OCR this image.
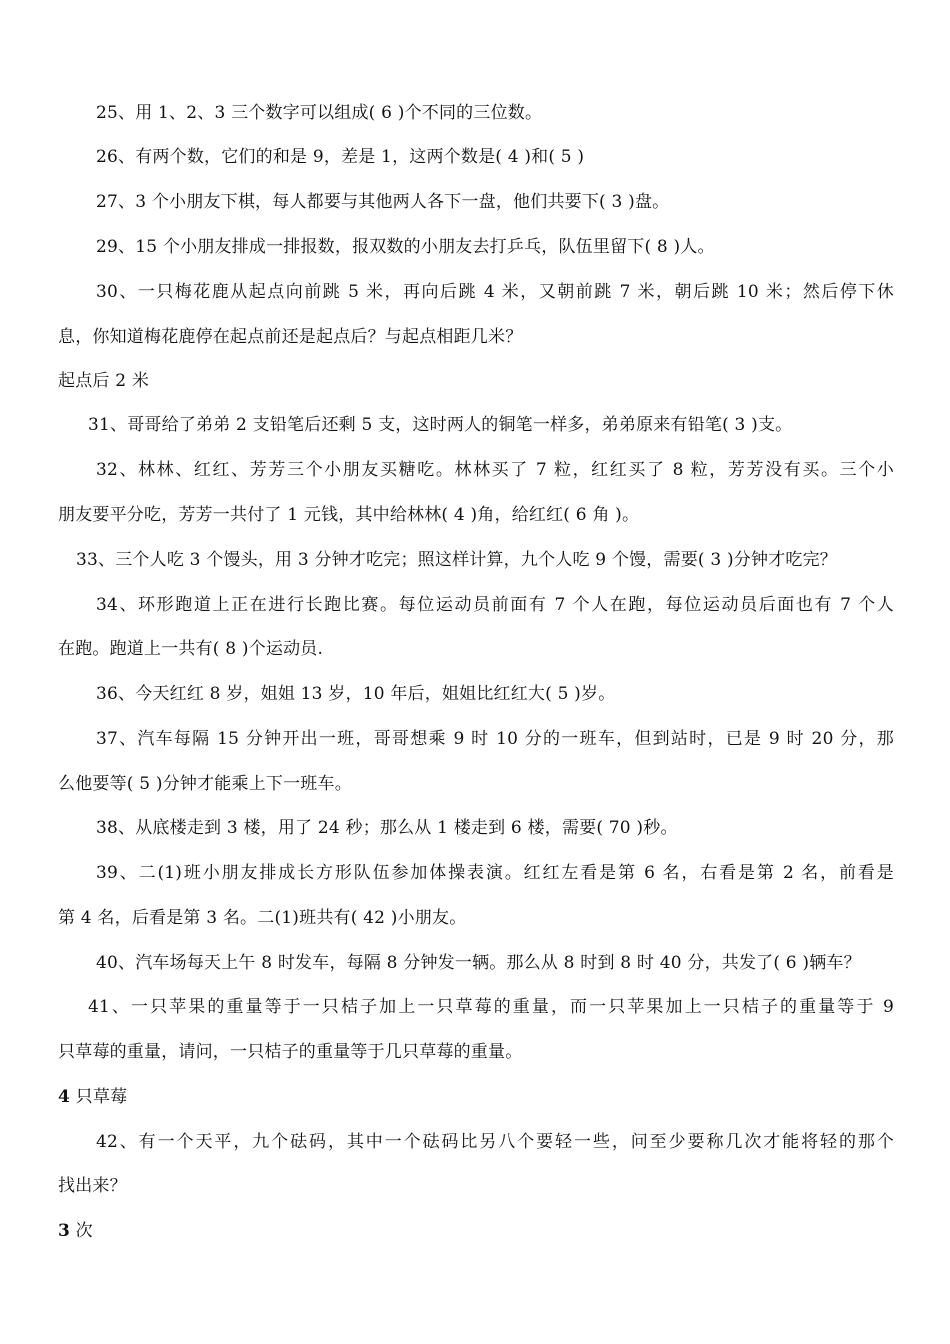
25、用 1、2、3 三个数字可以组成( 6 )个不同的三位数。
26、有两个数，它们的和是 9，差是 1，这两个数是( 4 )和( 5 )
27、3 个小朋友下棋，每人都要与其他两人各下一盘，他们共要下( 3 )盘。
29、15 个小朋友排成一排报数，报双数的小朋友去打乒乓，队伍里留下( 8 )人。
30、一只梅花鹿从起点向前跳 5 米，再向后跳 4 米，又朝前跳 7 米，朝后跳 10 米；然后停下休
息，你知道梅花鹿停在起点前还是起点后？与起点相距几米？
起点后 2 米
31、哥哥给了弟弟 2 支铅笔后还剩 5 支，这时两人的铜笔一样多，弟弟原来有铅笔( 3 )支。
32、林林、红红、芳芳三个小朋友买糖吃。林林买了 7 粒，红红买了 8 粒，芳芳没有买。三个小
朋友要平分吃，芳芳一共付了 1 元钱，其中给林林( 4 )角，给红红( 6 角 )。
33、三个人吃 3 个馒头，用 3 分钟才吃完；照这样计算，九个人吃 9 个馒，需要( 3 )分钟才吃完？
34、环形跑道上正在进行长跑比赛。每位运动员前面有 7 个人在跑，每位运动员后面也有 7 个人
在跑。跑道上一共有( 8 )个运动员.
36、今天红红 8 岁，姐姐 13 岁，10 年后，姐姐比红红大( 5 )岁。
37、汽车每隔 15 分钟开出一班，哥哥想乘 9 时 10 分的一班车，但到站时，已是 9 时 20 分，那
么他要等( 5 )分钟才能乘上下一班车。
38、从底楼走到 3 楼，用了 24 秒；那么从 1 楼走到 6 楼，需要( 70 )秒。
39、二(1)班小朋友排成长方形队伍参加体操表演。红红左看是第 6 名，右看是第 2 名，前看是
第 4 名，后看是第 3 名。二(1)班共有( 42 )小朋友。
40、汽车场每天上午 8 时发车，每隔 8 分钟发一辆。那么从 8 时到 8 时 40 分，共发了( 6 )辆车？
41、一只苹果的重量等于一只桔子加上一只草莓的重量，而一只苹果加上一只桔子的重量等于 9
只草莓的重量，请问，一只桔子的重量等于几只草莓的重量。
4 只草莓
42、有一个天平，九个砝码，其中一个砝码比另八个要轻一些，问至少要称几次才能将轻的那个
找出来？
3 次
